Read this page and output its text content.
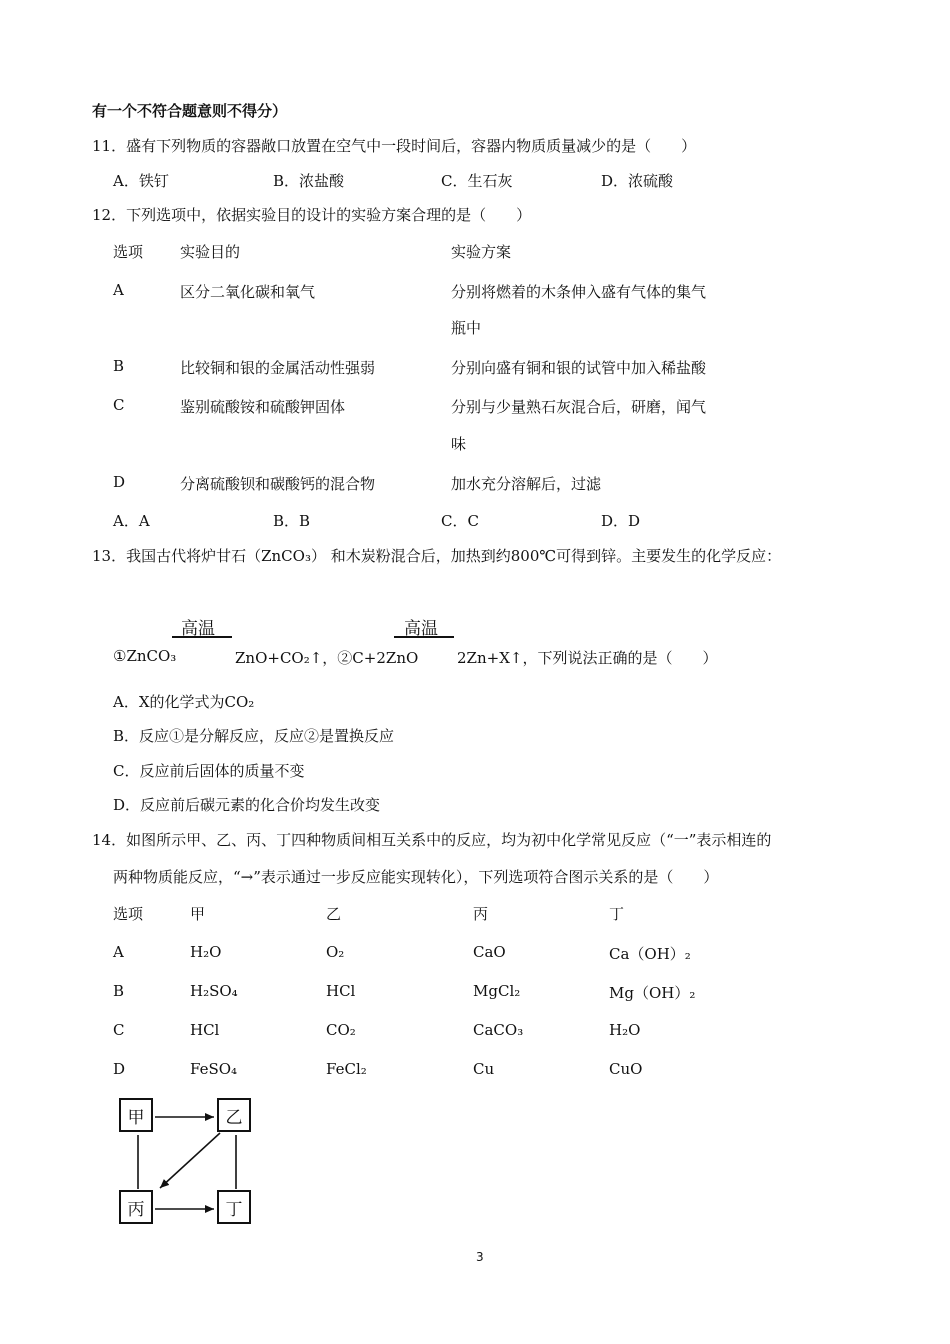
有一个不符合题意则不得分）
11．盛有下列物质的容器敞口放置在空气中一段时间后，容器内物质质量减少的是（　　）
A．铁钉	B．浓盐酸	C．生石灰	D．浓硫酸
12．下列选项中，依据实验目的设计的实验方案合理的是（　　）
选项 实验目的	实验方案
A	区分二氧化碳和氧气	分别将燃着的木条伸入盛有气体的集气
瓶中
B	比较铜和银的金属活动性强弱	分别向盛有铜和银的试管中加入稀盐酸
C	鉴别硫酸铵和硫酸钾固体	分别与少量熟石灰混合后，研磨，闻气
味
D	分离硫酸钡和碳酸钙的混合物	加水充分溶解后，过滤
A．A	B．B	C．C	D．D
13．我国古代将炉甘石（ZnCO₃） 和木炭粉混合后，加热到约800℃可得到锌。主要发生的化学反应：
高温	高温
①ZnCO₃	ZnO+CO₂↑，②C+2ZnO	2Zn+X↑，下列说法正确的是（　　）
A．X的化学式为CO₂
B．反应①是分解反应，反应②是置换反应
C．反应前后固体的质量不变
D．反应前后碳元素的化合价均发生改变
14．如图所示甲、乙、丙、丁四种物质间相互关系中的反应，均为初中化学常见反应（“一”表示相连的
两种物质能反应，“→”表示通过一步反应能实现转化），下列选项符合图示关系的是（　　）
选项	甲	乙	丙	丁
A	H₂O	O₂	CaO	Ca（OH）₂
B	H₂SO₄	HCl	MgCl₂	Mg（OH）₂
C	HCl	CO₂	CaCO₃	H₂O
D	FeSO₄	FeCl₂	Cu	CuO
甲	乙
丙	丁
3
